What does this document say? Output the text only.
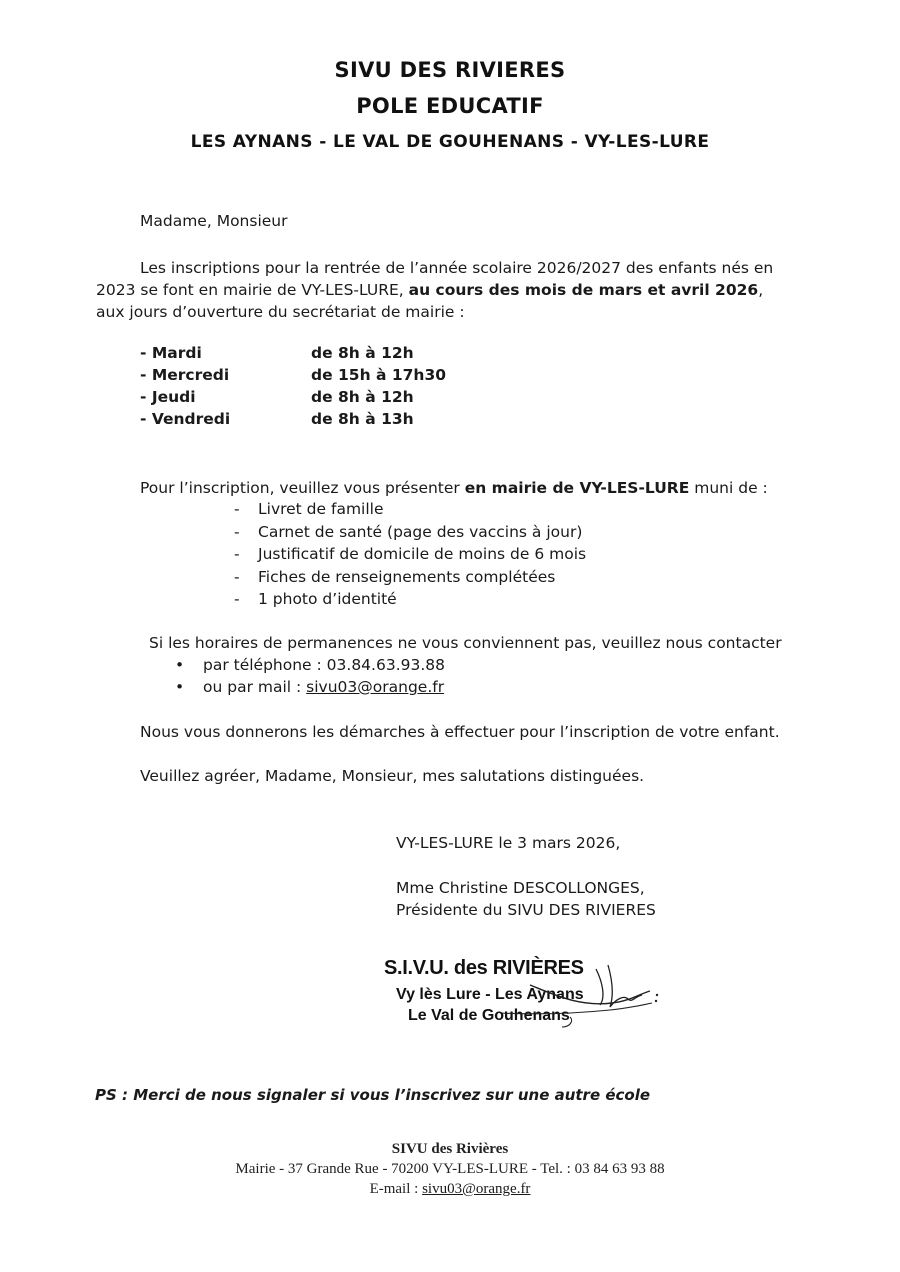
SIVU DES RIVIERES
POLE EDUCATIF
LES AYNANS - LE VAL DE GOUHENANS - VY-LES-LURE
Madame, Monsieur
Les inscriptions pour la rentrée de l’année scolaire 2026/2027 des enfants nés en
2023 se font en mairie de VY-LES-LURE, au cours des mois de mars et avril 2026,
aux jours d’ouverture du secrétariat de mairie :
- Mardi	de 8h à 12h
- Mercredi	de 15h à 17h30
- Jeudi	de 8h à 12h
- Vendredi	de 8h à 13h
Pour l’inscription, veuillez vous présenter en mairie de VY-LES-LURE muni de :
- Livret de famille
- Carnet de santé (page des vaccins à jour)
- Justificatif de domicile de moins de 6 mois
- Fiches de renseignements complétées
- 1 photo d’identité
Si les horaires de permanences ne vous conviennent pas, veuillez nous contacter
• par téléphone : 03.84.63.93.88
• ou par mail : sivu03@orange.fr
Nous vous donnerons les démarches à effectuer pour l’inscription de votre enfant.
Veuillez agréer, Madame, Monsieur, mes salutations distinguées.
VY-LES-LURE le 3 mars 2026,
Mme Christine DESCOLLONGES,
Présidente du SIVU DES RIVIERES
S.I.V.U. des RIVIÈRES
Vy lès Lure - Les Aynans
Le Val de Gouhenans
PS : Merci de nous signaler si vous l’inscrivez sur une autre école
SIVU des Rivières
Mairie - 37 Grande Rue - 70200 VY-LES-LURE - Tel. : 03 84 63 93 88
E-mail : sivu03@orange.fr
